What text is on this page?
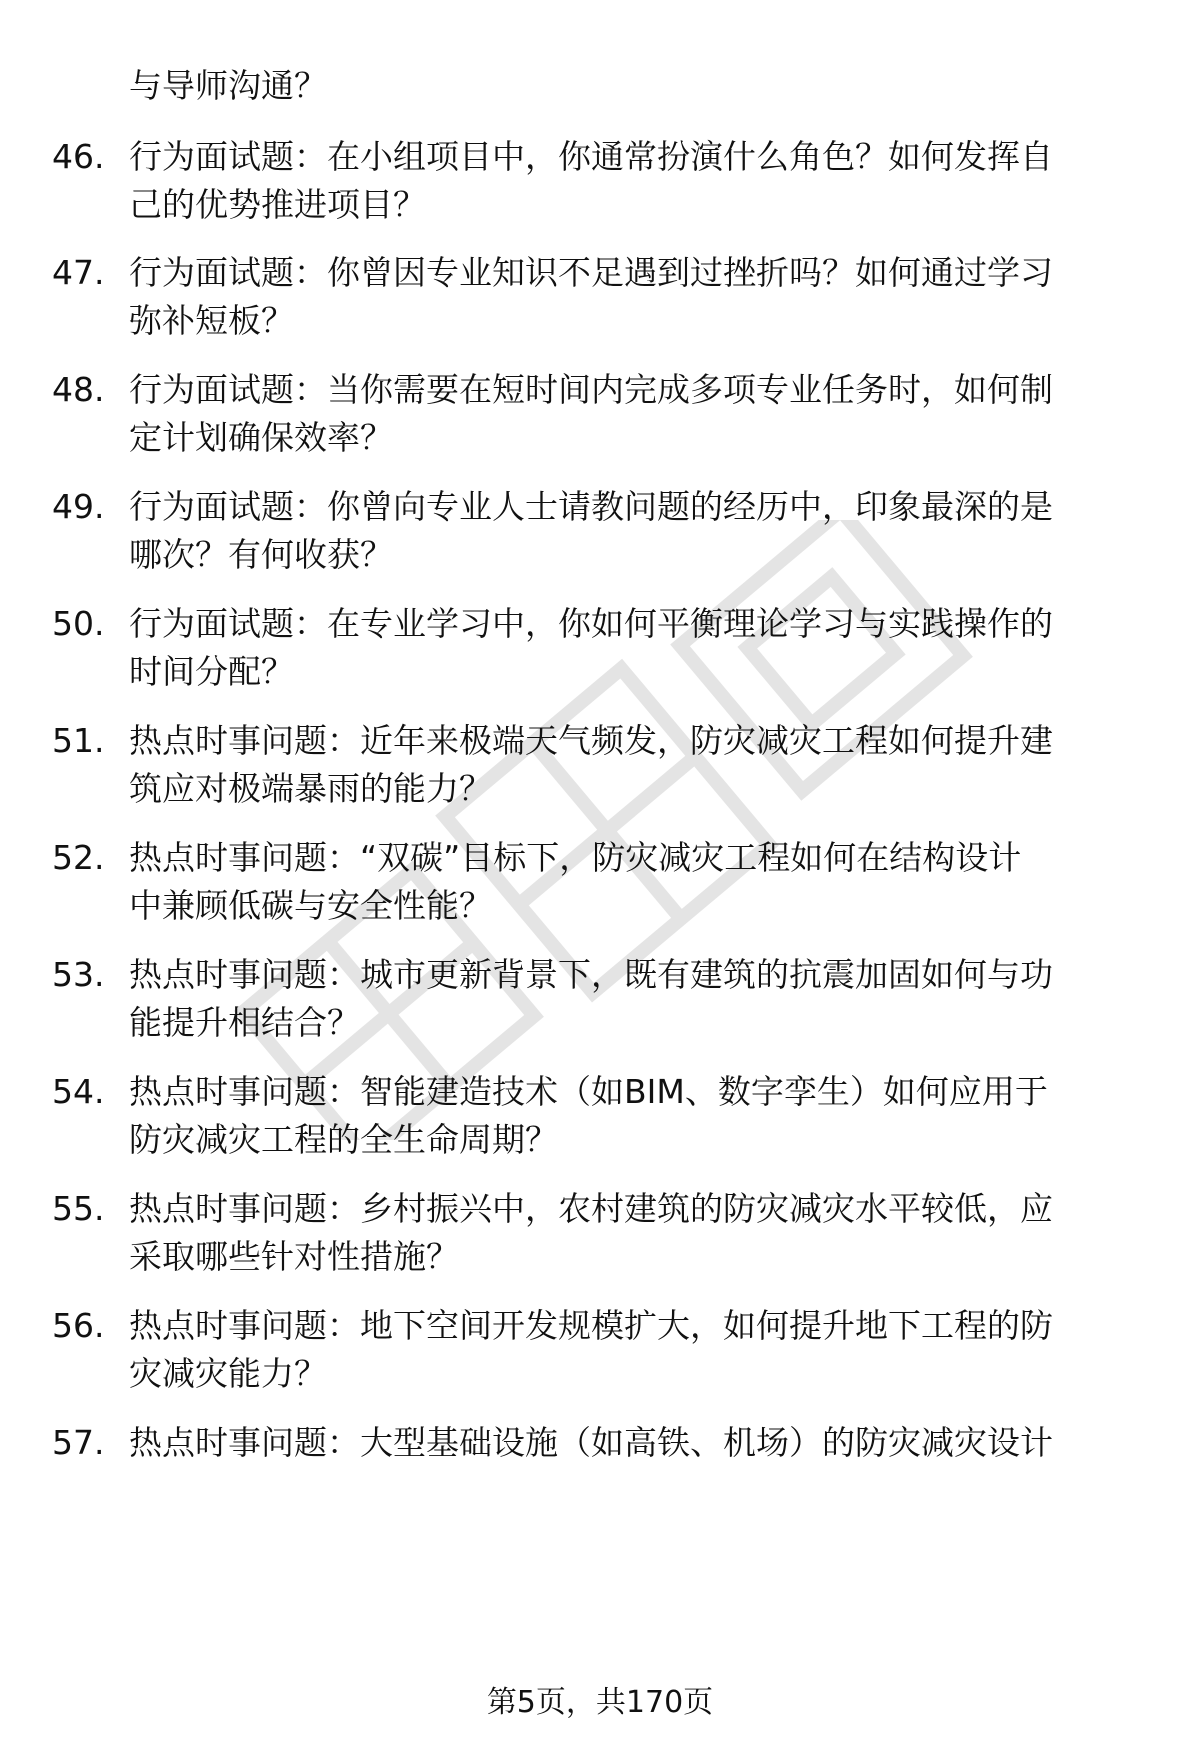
与导师沟通？
46. 行为面试题：在小组项目中，你通常扮演什么角色？如何发挥自
己的优势推进项目？
47. 行为面试题：你曾因专业知识不足遇到过挫折吗？如何通过学习
弥补短板？
48. 行为面试题：当你需要在短时间内完成多项专业任务时，如何制
定计划确保效率？
49. 行为面试题：你曾向专业人士请教问题的经历中，印象最深的是
哪次？有何收获？
50. 行为面试题：在专业学习中，你如何平衡理论学习与实践操作的
时间分配？
51. 热点时事问题：近年来极端天气频发，防灾减灾工程如何提升建
筑应对极端暴雨的能力？
52. 热点时事问题：“双碳”目标下，防灾减灾工程如何在结构设计
中兼顾低碳与安全性能？
53. 热点时事问题：城市更新背景下，既有建筑的抗震加固如何与功
能提升相结合？
54. 热点时事问题：智能建造技术（如BIM、数字孪生）如何应用于
防灾减灾工程的全生命周期？
55. 热点时事问题：乡村振兴中，农村建筑的防灾减灾水平较低，应
采取哪些针对性措施？
56. 热点时事问题：地下空间开发规模扩大，如何提升地下工程的防
灾减灾能力？
57. 热点时事问题：大型基础设施（如高铁、机场）的防灾减灾设计
第5页，共170页
